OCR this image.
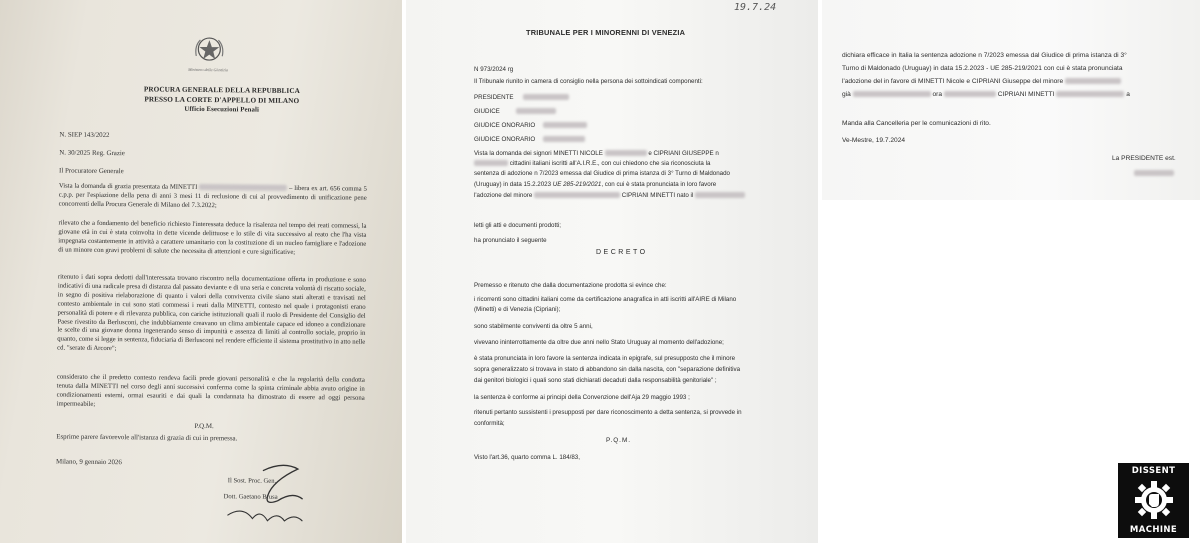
Ministero della Giustizia
PROCURA GENERALE DELLA REPUBBLICA
PRESSO LA CORTE D'APPELLO DI MILANO
Ufficio Esecuzioni Penali
N. SIEP 143/2022
N. 30/2025 Reg. Grazie
Il Procuratore Generale
Vista la domanda di grazia presentata da MINETTI	– libera ex art. 656 comma 5 c.p.p. per l'espiazione della pena di anni 3 mesi 11 di reclusione di cui al provvedimento di unificazione pene concorrenti della Procura Generale di Milano del 7.3.2022;
rilevato che a fondamento del beneficio richiesto l'interessata deduce la risalenza nel tempo dei reati commessi, la giovane età in cui è stata coinvolta in dette vicende delittuose e lo stile di vita successivo al reato che l'ha vista impegnata costantemente in attività a carattere umanitario con la costituzione di un nucleo famigliare e l'adozione di un minore con gravi problemi di salute che necessita di attenzioni e cure significative;
ritenuto i dati sopra dedotti dall'interessata trovano riscontro nella documentazione offerta in produzione e sono indicativi di una radicale presa di distanza dal passato deviante e di una seria e concreta volontà di riscatto sociale, in segno di positiva rielaborazione di quanto i valori della convivenza civile siano stati alterati e travisati nel contesto ambientale in cui sono stati commessi i reati dalla MINETTI, contesto nel quale i protagonisti erano personalità di potere e di rilevanza pubblica, con cariche istituzionali quali il ruolo di Presidente del Consiglio del Paese rivestito da Berlusconi, che indubbiamente creavano un clima ambientale capace ed idoneo a condizionare le scelte di una giovane donna ingenerando senso di impunità e assenza di limiti al controllo sociale, proprio in quanto, come si legge in sentenza, fiduciaria di Berlusconi nel rendere efficiente il sistema prostitutivo in atto nelle cd. "serate di Arcore";
considerato che il predetto contesto rendeva facili prede giovani personalità e che la regolarità della condotta tenuta dalla MINETTI nel corso degli anni successivi conferma come la spinta criminale abbia avuto origine in condizionamenti esterni, ormai esauriti e dai quali la condannata ha dimostrato di essere ad oggi persona impermeabile;
P.Q.M.
Esprime parere favorevole all'istanza di grazia di cui in premessa.
Milano, 9 gennaio 2026
Il Sost. Proc. Gen.
Dott. Gaetano Brusa
19.7.24
TRIBUNALE PER I MINORENNI DI VENEZIA
N 973/2024 rg
Il Tribunale riunito in camera di consiglio nella persona dei sottoindicati componenti:
PRESIDENTE
GIUDICE
GIUDICE ONORARIO
GIUDICE ONORARIO
Vista la domanda dei signori MINETTI NICOLE	e CIPRIANI GIUSEPPE n
cittadini italiani iscritti all'A.I.R.E., con cui chiedono che sia riconosciuta la
sentenza di adozione n 7/2023 emessa dal Giudice di prima istanza di 3° Turno di Maldonado
(Uruguay) in data 15.2.2023 UE 285-219/2021, con cui è stata pronunciata in loro favore
l'adozione del minore	CIPRIANI MINETTI nato il
letti gli atti e documenti prodotti;
ha pronunciato il seguente
DECRETO
Premesso e ritenuto che dalla documentazione prodotta si evince che:
i ricorrenti sono cittadini italiani come da certificazione anagrafica in atti iscritti all'AIRE di Milano
(Minetti) e di Venezia (Cipriani);
sono stabilmente conviventi da oltre 5 anni,
vivevano ininterrottamente da oltre due anni nello Stato Uruguay al momento dell'adozione;
è stata pronunciata in loro favore la sentenza indicata in epigrafe, sul presupposto che il minore
sopra generalizzato si trovava in stato di abbandono sin dalla nascita, con "separazione definitiva
dai genitori biologici i quali sono stati dichiarati decaduti dalla responsabilità genitoriale" ;
la sentenza è conforme ai principi della Convenzione dell'Aja 29 maggio 1993 ;
ritenuti pertanto sussistenti i presupposti per dare riconoscimento a detta sentenza, si provvede in
conformità;
P.Q.M.
Visto l'art.36, quarto comma L. 184/83,
dichiara efficace in Italia la sentenza adozione n 7/2023 emessa dal Giudice di prima istanza di 3°
Turno di Maldonado (Uruguay) in data 15.2.2023 - UE 285-219/2021 con cui è stata pronunciata
l'adozione del in favore di MINETTI Nicole e CIPRIANI Giuseppe del minore
già	ora	CIPRIANI MINETTI	a
Manda alla Cancelleria per le comunicazioni di rito.
Ve-Mestre, 19.7.2024
La PRESIDENTE est.
DISSENT
MACHINE
